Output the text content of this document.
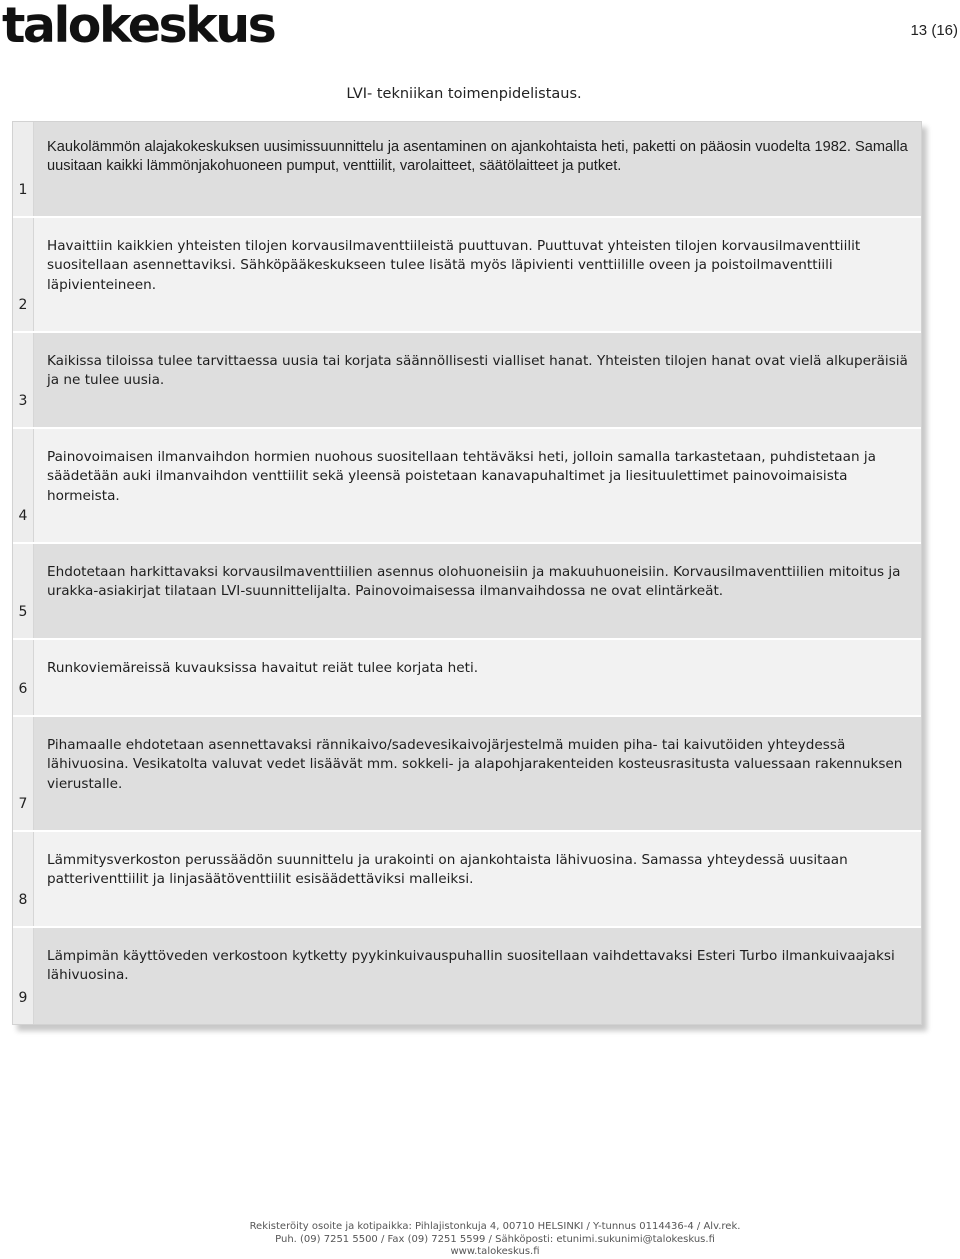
talokeskus	13 (16)
LVI- tekniikan toimenpidelistaus.
1
Kaukolämmön alajakokeskuksen uusimissuunnittelu ja asentaminen on ajankohtaista heti, paketti on pääosin vuodelta 1982. Samalla uusitaan kaikki lämmönjakohuoneen pumput, venttiilit, varolaitteet, säätölaitteet ja putket.
2
Havaittiin kaikkien yhteisten tilojen korvausilmaventtiileistä puuttuvan. Puuttuvat yhteisten tilojen korvausilmaventtiilit suositellaan asennettaviksi. Sähköpääkeskukseen tulee lisätä myös läpivienti venttiilille oveen ja poistoilmaventtiili läpivienteineen.
3
Kaikissa tiloissa tulee tarvittaessa uusia tai korjata säännöllisesti vialliset hanat. Yhteisten tilojen hanat ovat vielä alkuperäisiä ja ne tulee uusia.
4
Painovoimaisen ilmanvaihdon hormien nuohous suositellaan tehtäväksi heti, jolloin samalla tarkastetaan, puhdistetaan ja säädetään auki ilmanvaihdon venttiilit sekä yleensä poistetaan kanavapuhaltimet ja liesituulettimet painovoimaisista hormeista.
5
Ehdotetaan harkittavaksi korvausilmaventtiilien asennus olohuoneisiin ja makuuhuoneisiin. Korvausilmaventtiilien mitoitus ja urakka-asiakirjat tilataan LVI-suunnittelijalta. Painovoimaisessa ilmanvaihdossa ne ovat elintärkeät.
6
Runkoviemäreissä kuvauksissa havaitut reiät tulee korjata heti.
7
Pihamaalle ehdotetaan asennettavaksi rännikaivo/sadevesikaivojärjestelmä muiden piha- tai kaivutöiden yhteydessä lähivuosina. Vesikatolta valuvat vedet lisäävät mm. sokkeli- ja alapohjarakenteiden kosteusrasitusta valuessaan rakennuksen vierustalle.
8
Lämmitysverkoston perussäädön suunnittelu ja urakointi on ajankohtaista lähivuosina. Samassa yhteydessä uusitaan patteriventtiilit ja linjasäätöventtiilit esisäädettäviksi malleiksi.
9
Lämpimän käyttöveden verkostoon kytketty pyykinkuivauspuhallin suositellaan vaihdettavaksi Esteri Turbo ilmankuivaajaksi lähivuosina.
Rekisteröity osoite ja kotipaikka: Pihlajistonkuja 4, 00710 HELSINKI / Y-tunnus 0114436-4 / Alv.rek.
Puh. (09) 7251 5500 / Fax (09) 7251 5599 / Sähköposti: etunimi.sukunimi@talokeskus.fi
www.talokeskus.fi
